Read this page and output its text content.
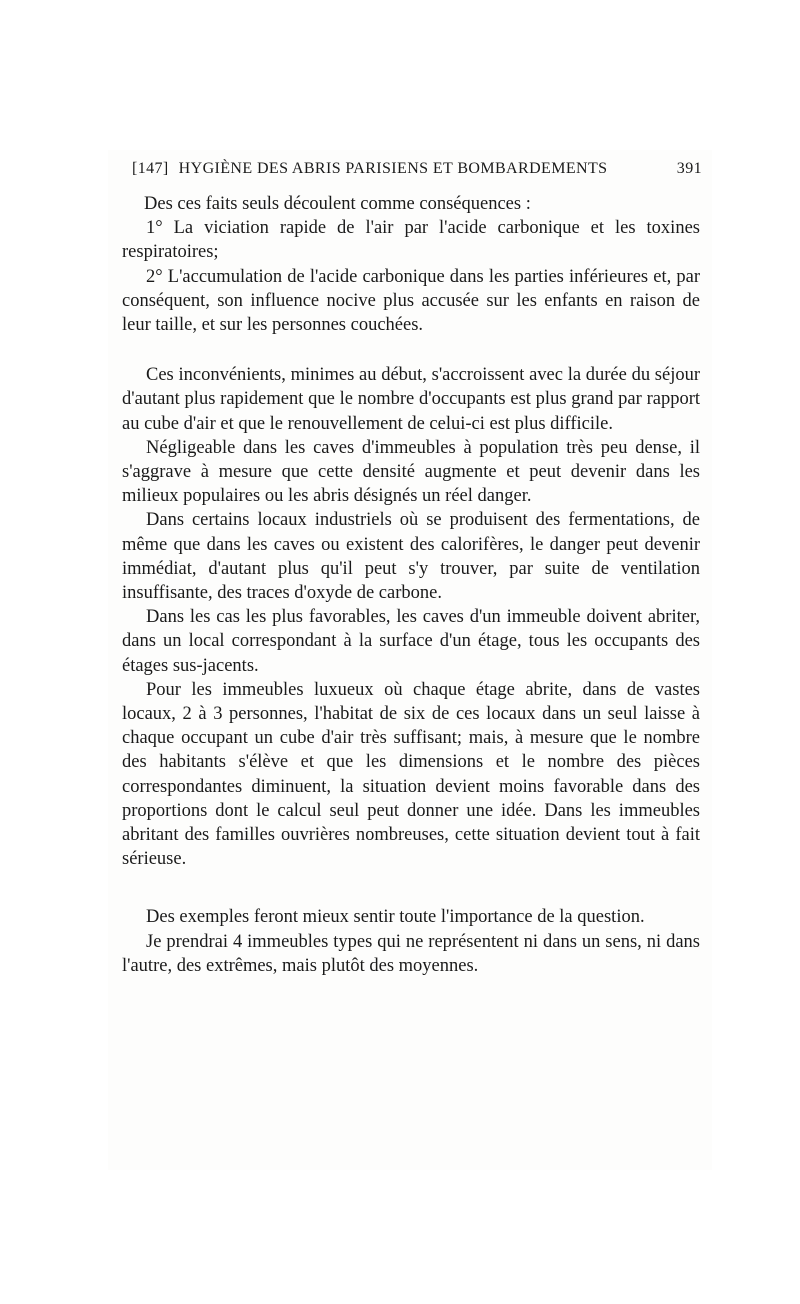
[147] HYGIÈNE DES ABRIS PARISIENS ET BOMBARDEMENTS	391

Des ces faits seuls découlent comme conséquences :

1° La viciation rapide de l'air par l'acide carbonique et les toxines respiratoires;

2° L'accumulation de l'acide carbonique dans les parties inférieures et, par conséquent, son influence nocive plus accusée sur les enfants en raison de leur taille, et sur les personnes couchées.

Ces inconvénients, minimes au début, s'accroissent avec la durée du séjour d'autant plus rapidement que le nombre d'occupants est plus grand par rapport au cube d'air et que le renouvellement de celui-ci est plus difficile.

Négligeable dans les caves d'immeubles à population très peu dense, il s'aggrave à mesure que cette densité augmente et peut devenir dans les milieux populaires ou les abris désignés un réel danger.

Dans certains locaux industriels où se produisent des fermentations, de même que dans les caves ou existent des calorifères, le danger peut devenir immédiat, d'autant plus qu'il peut s'y trouver, par suite de ventilation insuffisante, des traces d'oxyde de carbone.

Dans les cas les plus favorables, les caves d'un immeuble doivent abriter, dans un local correspondant à la surface d'un étage, tous les occupants des étages sus-jacents.

Pour les immeubles luxueux où chaque étage abrite, dans de vastes locaux, 2 à 3 personnes, l'habitat de six de ces locaux dans un seul laisse à chaque occupant un cube d'air très suffisant; mais, à mesure que le nombre des habitants s'élève et que les dimensions et le nombre des pièces correspondantes diminuent, la situation devient moins favorable dans des proportions dont le calcul seul peut donner une idée. Dans les immeubles abritant des familles ouvrières nombreuses, cette situation devient tout à fait sérieuse.

Des exemples feront mieux sentir toute l'importance de la question.

Je prendrai 4 immeubles types qui ne représentent ni dans un sens, ni dans l'autre, des extrêmes, mais plutôt des moyennes.
